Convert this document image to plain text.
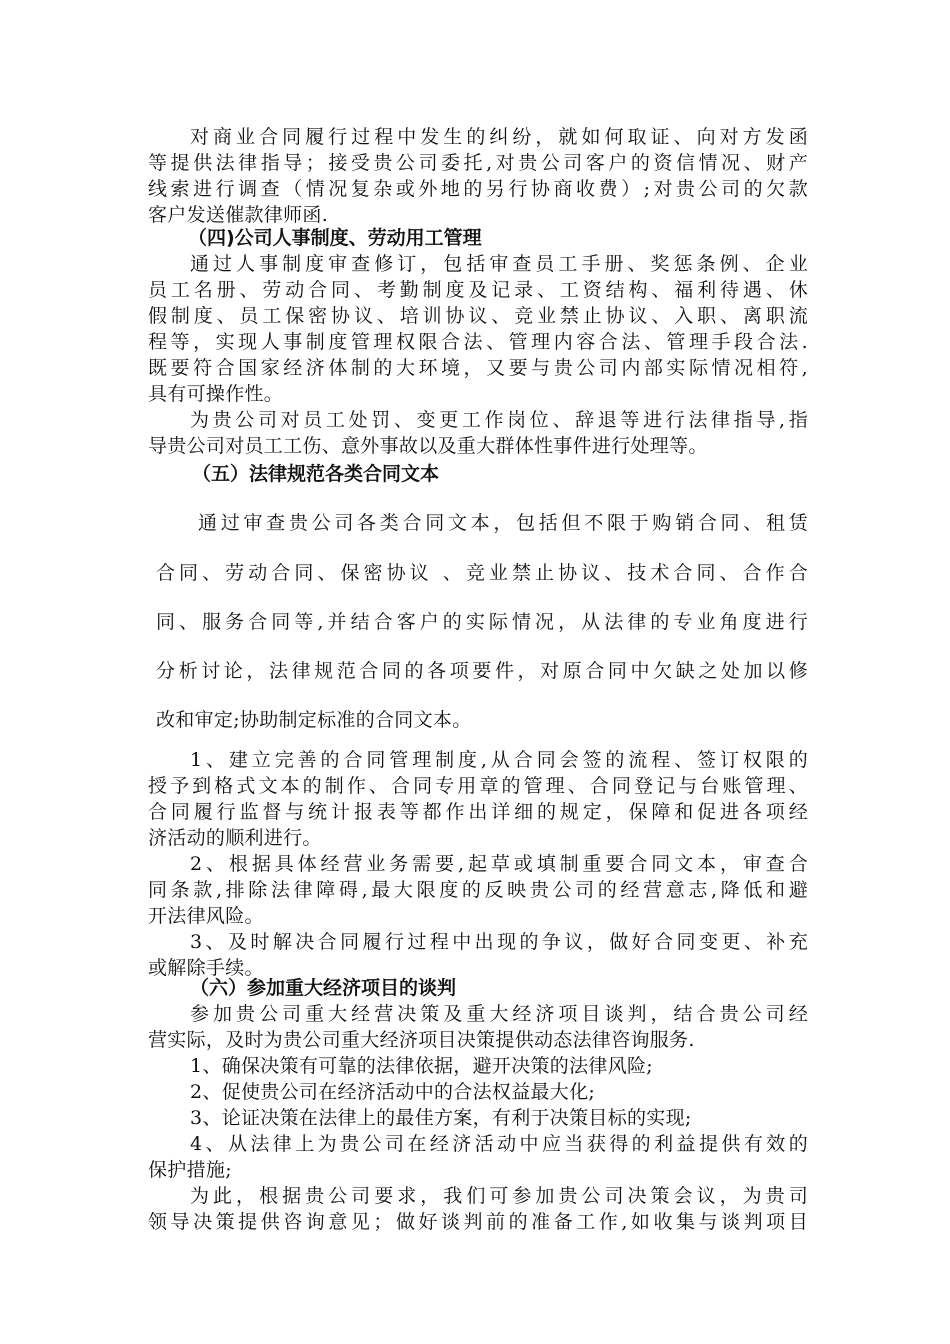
对商业合同履行过程中发生的纠纷，就如何取证、向对方发函
等提供法律指导；接受贵公司委托,对贵公司客户的资信情况、财产
线索进行调查（情况复杂或外地的另行协商收费）;对贵公司的欠款
客户发送催款律师函.
（四)公司人事制度、劳动用工管理
通过人事制度审查修订，包括审查员工手册、奖惩条例、企业
员工名册、劳动合同、考勤制度及记录、工资结构、福利待遇、休
假制度、员工保密协议、培训协议、竞业禁止协议、入职、离职流
程等，实现人事制度管理权限合法、管理内容合法、管理手段合法.
既要符合国家经济体制的大环境，又要与贵公司内部实际情况相符,
具有可操作性。
为贵公司对员工处罚、变更工作岗位、辞退等进行法律指导,指
导贵公司对员工工伤、意外事故以及重大群体性事件进行处理等。
（五）法律规范各类合同文本
通过审查贵公司各类合同文本，包括但不限于购销合同、租赁
合同、劳动合同、保密协议 、竞业禁止协议、技术合同、合作合
同、服务合同等,并结合客户的实际情况，从法律的专业角度进行
分析讨论，法律规范合同的各项要件，对原合同中欠缺之处加以修
改和审定;协助制定标准的合同文本。
1、建立完善的合同管理制度,从合同会签的流程、签订权限的
授予到格式文本的制作、合同专用章的管理、合同登记与台账管理、
合同履行监督与统计报表等都作出详细的规定，保障和促进各项经
济活动的顺利进行。
2、根据具体经营业务需要,起草或填制重要合同文本，审查合
同条款,排除法律障碍,最大限度的反映贵公司的经营意志,降低和避
开法律风险。
3、及时解决合同履行过程中出现的争议，做好合同变更、补充
或解除手续。
（六）参加重大经济项目的谈判
参加贵公司重大经营决策及重大经济项目谈判，结合贵公司经
营实际，及时为贵公司重大经济项目决策提供动态法律咨询服务.
1、确保决策有可靠的法律依据，避开决策的法律风险;
2、促使贵公司在经济活动中的合法权益最大化;
3、论证决策在法律上的最佳方案，有利于决策目标的实现;
4、从法律上为贵公司在经济活动中应当获得的利益提供有效的
保护措施;
为此，根据贵公司要求，我们可参加贵公司决策会议，为贵司
领导决策提供咨询意见；做好谈判前的准备工作,如收集与谈判项目
